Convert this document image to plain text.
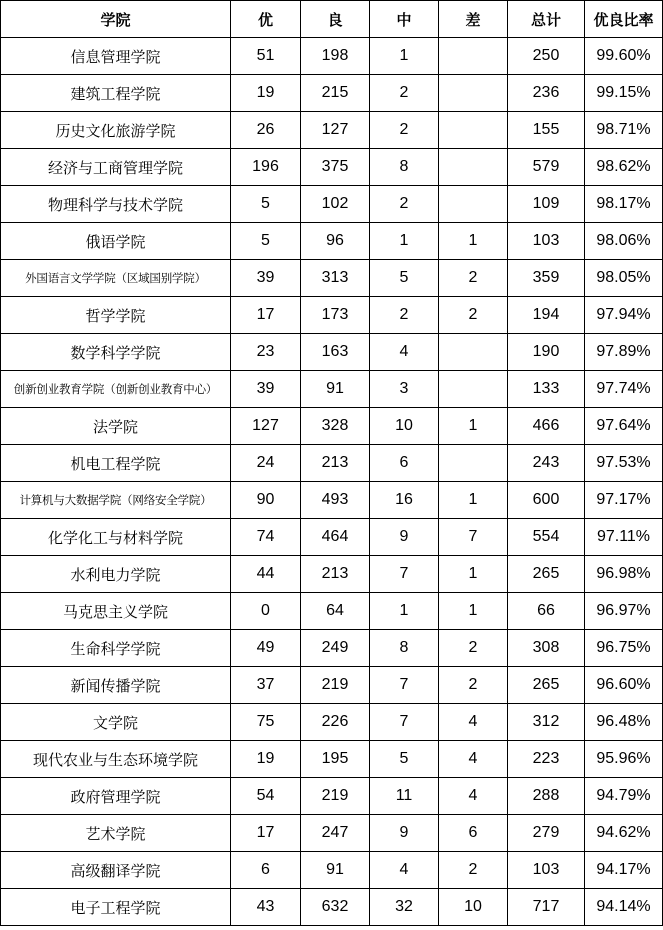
学院	优	良	中	差	总计	优良比率
信息管理学院	51	198	1		250	99.60%
建筑工程学院	19	215	2		236	99.15%
历史文化旅游学院	26	127	2		155	98.71%
经济与工商管理学院	196	375	8		579	98.62%
物理科学与技术学院	5	102	2		109	98.17%
俄语学院	5	96	1	1	103	98.06%
外国语言文学学院（区域国别学院）	39	313	5	2	359	98.05%
哲学学院	17	173	2	2	194	97.94%
数学科学学院	23	163	4		190	97.89%
创新创业教育学院（创新创业教育中心）	39	91	3		133	97.74%
法学院	127	328	10	1	466	97.64%
机电工程学院	24	213	6		243	97.53%
计算机与大数据学院（网络安全学院）	90	493	16	1	600	97.17%
化学化工与材料学院	74	464	9	7	554	97.11%
水利电力学院	44	213	7	1	265	96.98%
马克思主义学院	0	64	1	1	66	96.97%
生命科学学院	49	249	8	2	308	96.75%
新闻传播学院	37	219	7	2	265	96.60%
文学院	75	226	7	4	312	96.48%
现代农业与生态环境学院	19	195	5	4	223	95.96%
政府管理学院	54	219	11	4	288	94.79%
艺术学院	17	247	9	6	279	94.62%
高级翻译学院	6	91	4	2	103	94.17%
电子工程学院	43	632	32	10	717	94.14%
